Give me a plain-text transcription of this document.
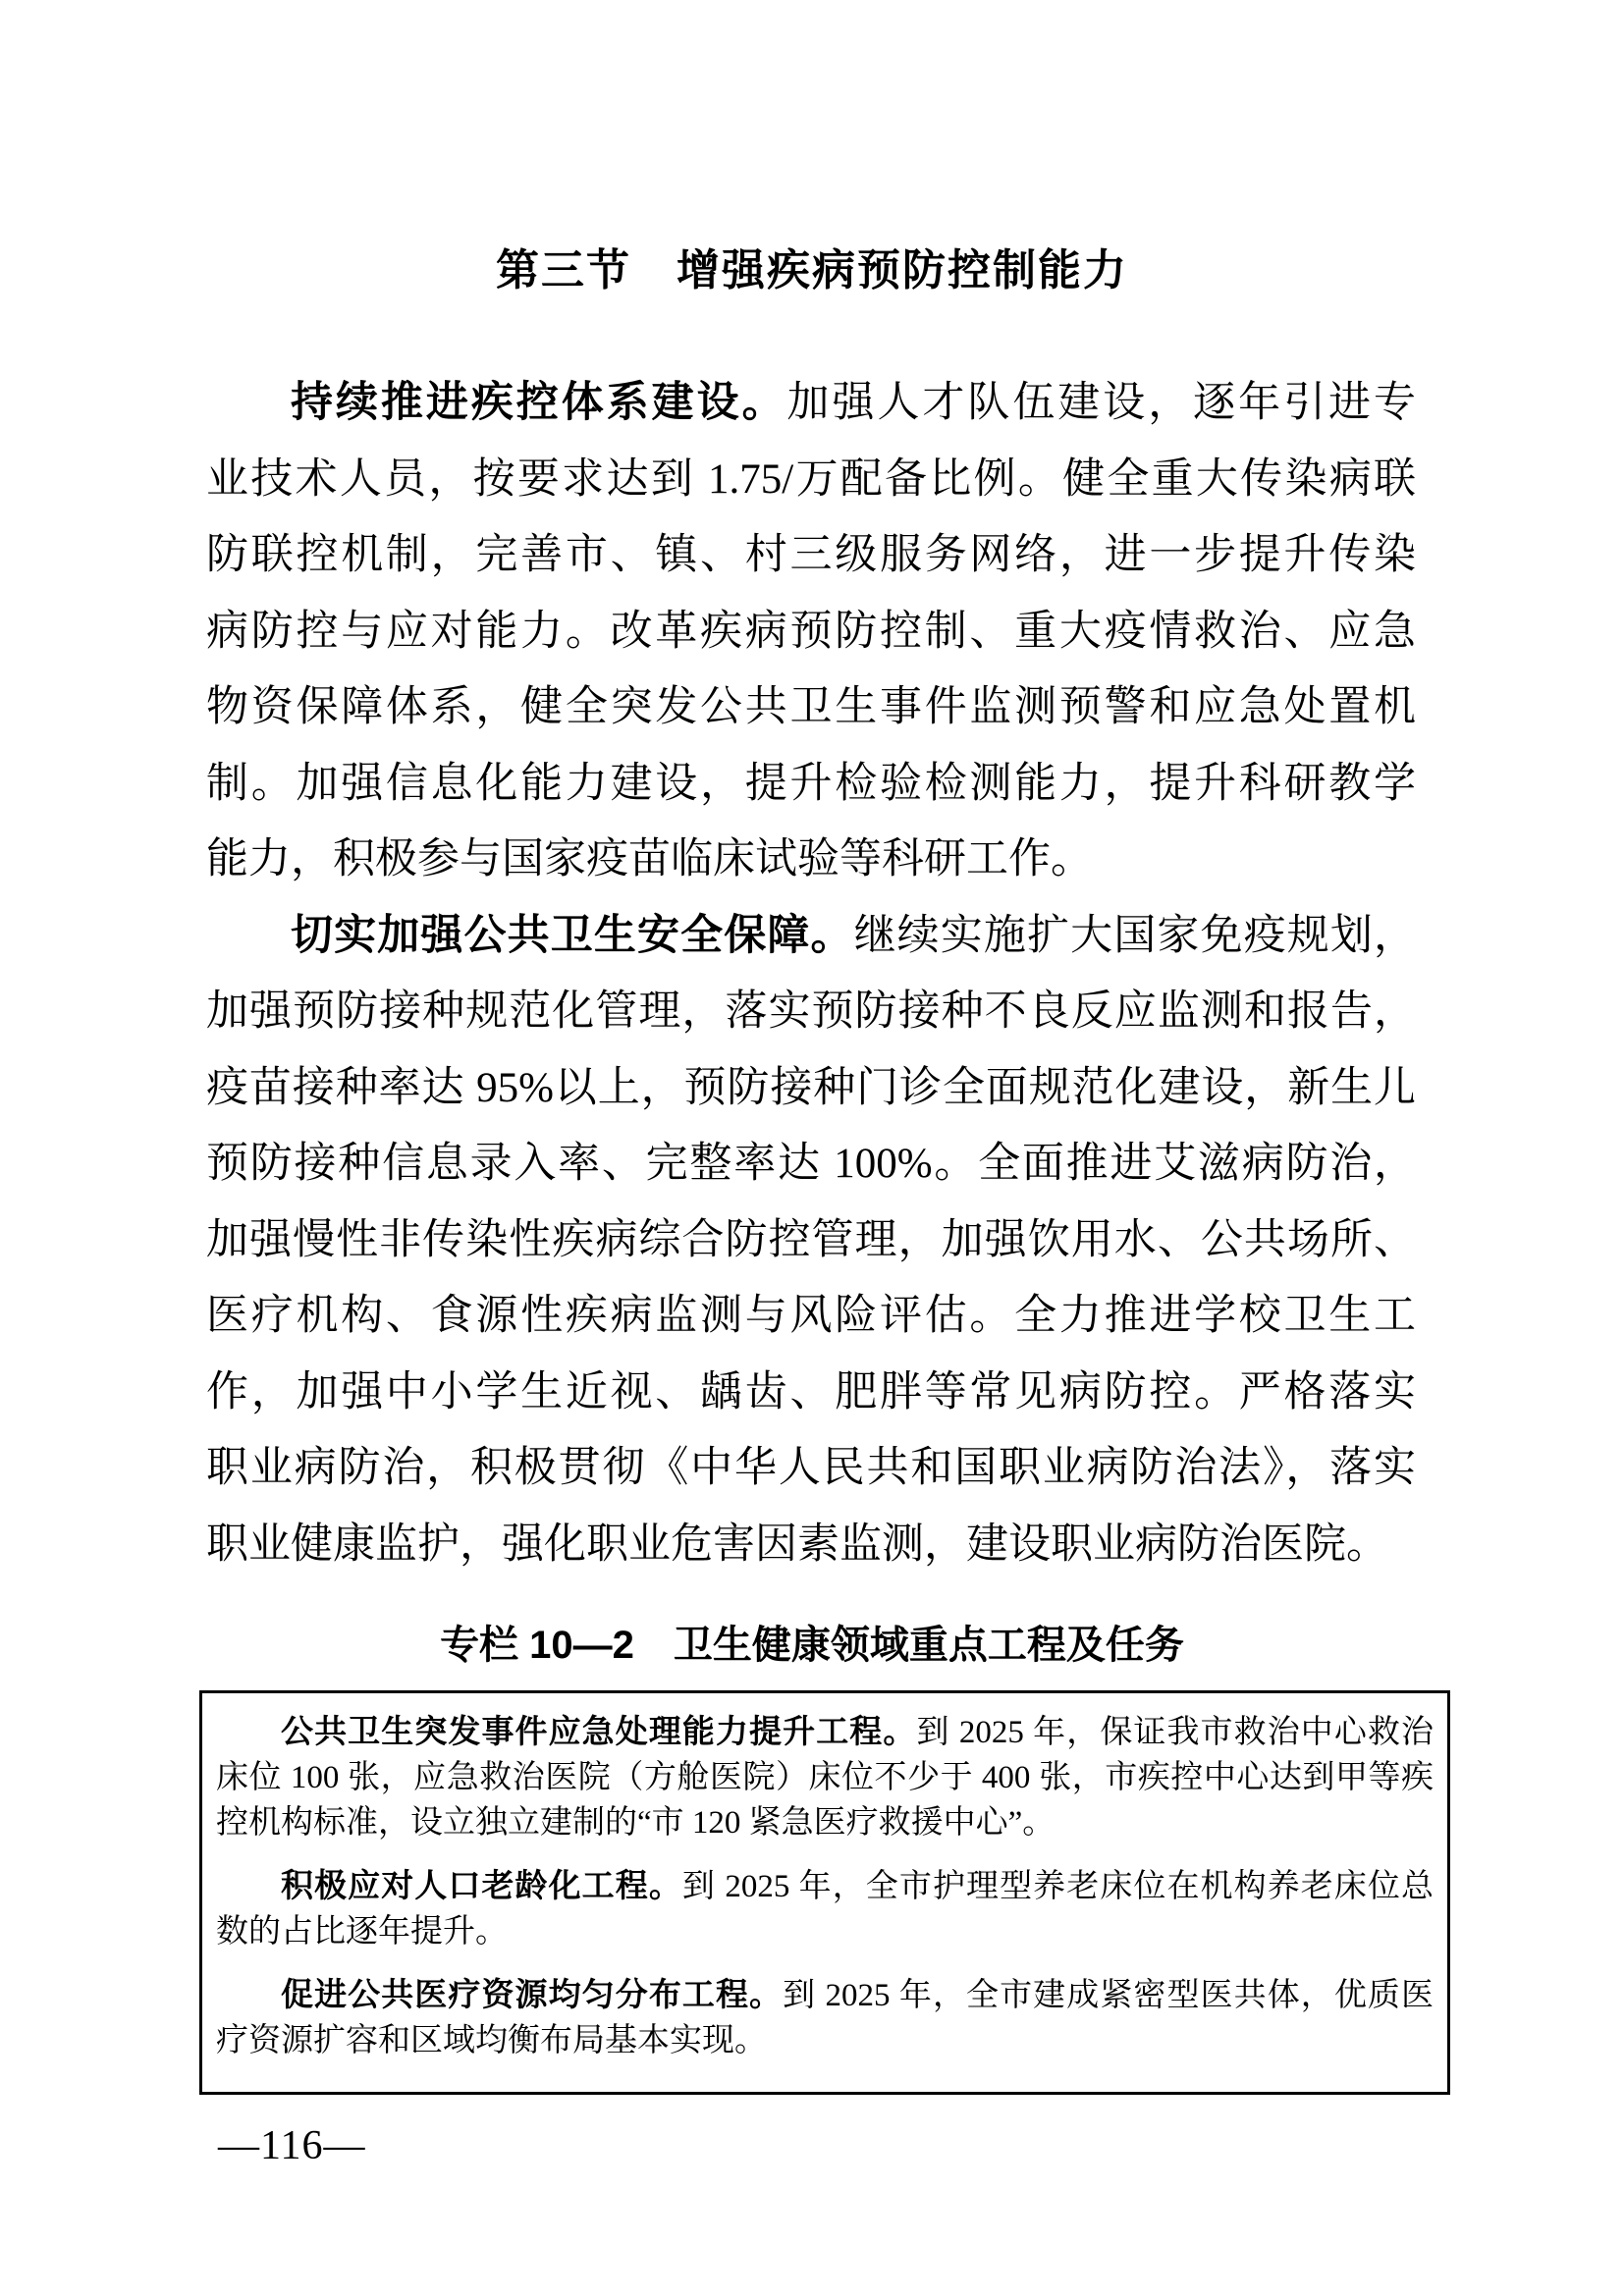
第三节　增强疾病预防控制能力
持续推进疾控体系建设。加强人才队伍建设，逐年引进专
业技术人员，按要求达到 1.75/万配备比例。健全重大传染病联
防联控机制，完善市、镇、村三级服务网络，进一步提升传染
病防控与应对能力。改革疾病预防控制、重大疫情救治、应急
物资保障体系，健全突发公共卫生事件监测预警和应急处置机
制。加强信息化能力建设，提升检验检测能力，提升科研教学
能力，积极参与国家疫苗临床试验等科研工作。
切实加强公共卫生安全保障。继续实施扩大国家免疫规划，
加强预防接种规范化管理，落实预防接种不良反应监测和报告，
疫苗接种率达 95%以上，预防接种门诊全面规范化建设，新生儿
预防接种信息录入率、完整率达 100%。全面推进艾滋病防治，
加强慢性非传染性疾病综合防控管理，加强饮用水、公共场所、
医疗机构、食源性疾病监测与风险评估。全力推进学校卫生工
作，加强中小学生近视、龋齿、肥胖等常见病防控。严格落实
职业病防治，积极贯彻《中华人民共和国职业病防治法》，落实
职业健康监护，强化职业危害因素监测，建设职业病防治医院。
专栏 10—2　卫生健康领域重点工程及任务
公共卫生突发事件应急处理能力提升工程。到 2025 年，保证我市救治中心救治
床位 100 张，应急救治医院（方舱医院）床位不少于 400 张，市疾控中心达到甲等疾
控机构标准，设立独立建制的“市 120 紧急医疗救援中心”。
积极应对人口老龄化工程。到 2025 年，全市护理型养老床位在机构养老床位总
数的占比逐年提升。
促进公共医疗资源均匀分布工程。到 2025 年，全市建成紧密型医共体，优质医
疗资源扩容和区域均衡布局基本实现。
—116—
